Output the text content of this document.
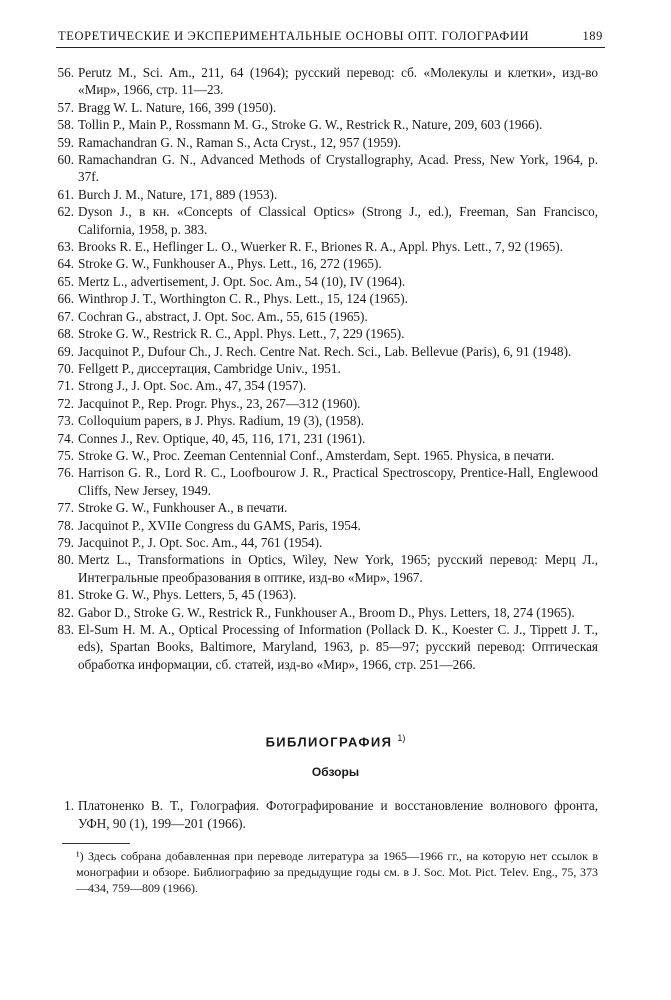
ТЕОРЕТИЧЕСКИЕ И ЭКСПЕРИМЕНТАЛЬНЫЕ ОСНОВЫ ОПТ. ГОЛОГРАФИИ	189
56. Perutz M., Sci. Am., 211, 64 (1964); русский перевод: сб. «Молекулы и клетки», изд-во «Мир», 1966, стр. 11—23.
57. Bragg W. L. Nature, 166, 399 (1950).
58. Tollin P., Main P., Rossmann M. G., Stroke G. W., Restrick R., Nature, 209, 603 (1966).
59. Ramachandran G. N., Raman S., Acta Cryst., 12, 957 (1959).
60. Ramachandran G. N., Advanced Methods of Crystallography, Acad. Press, New York, 1964, p. 37f.
61. Burch J. M., Nature, 171, 889 (1953).
62. Dyson J., в кн. «Concepts of Classical Optics» (Strong J., ed.), Freeman, San Francisco, California, 1958, p. 383.
63. Brooks R. E., Heflinger L. O., Wuerker R. F., Briones R. A., Appl. Phys. Lett., 7, 92 (1965).
64. Stroke G. W., Funkhouser A., Phys. Lett., 16, 272 (1965).
65. Mertz L., advertisement, J. Opt. Soc. Am., 54 (10), IV (1964).
66. Winthrop J. T., Worthington C. R., Phys. Lett., 15, 124 (1965).
67. Cochran G., abstract, J. Opt. Soc. Am., 55, 615 (1965).
68. Stroke G. W., Restrick R. C., Appl. Phys. Lett., 7, 229 (1965).
69. Jacquinot P., Dufour Ch., J. Rech. Centre Nat. Rech. Sci., Lab. Bellevue (Paris), 6, 91 (1948).
70. Fellgett P., диссертация, Cambridge Univ., 1951.
71. Strong J., J. Opt. Soc. Am., 47, 354 (1957).
72. Jacquinot P., Rep. Progr. Phys., 23, 267—312 (1960).
73. Colloquium papers, в J. Phys. Radium, 19 (3), (1958).
74. Connes J., Rev. Optique, 40, 45, 116, 171, 231 (1961).
75. Stroke G. W., Proc. Zeeman Centennial Conf., Amsterdam, Sept. 1965. Physica, в печати.
76. Harrison G. R., Lord R. C., Loofbourow J. R., Practical Spectroscopy, Prentice-Hall, Englewood Cliffs, New Jersey, 1949.
77. Stroke G. W., Funkhouser A., в печати.
78. Jacquinot P., XVIIe Congress du GAMS, Paris, 1954.
79. Jacquinot P., J. Opt. Soc. Am., 44, 761 (1954).
80. Mertz L., Transformations in Optics, Wiley, New York, 1965; русский перевод: Мерц Л., Интегральные преобразования в оптике, изд-во «Мир», 1967.
81. Stroke G. W., Phys. Letters, 5, 45 (1963).
82. Gabor D., Stroke G. W., Restrick R., Funkhouser A., Broom D., Phys. Letters, 18, 274 (1965).
83. El-Sum H. M. A., Optical Processing of Information (Pollack D. K., Koester C. J., Tippett J. T., eds), Spartan Books, Baltimore, Maryland, 1963, p. 85—97; русский перевод: Оптическая обработка информации, сб. статей, изд-во «Мир», 1966, стр. 251—266.
БИБЛИОГРАФИЯ $^{1)}$
Обзоры
1. Платоненко В. Т., Голография. Фотографирование и восстановление волнового фронта, УФН, 90 (1), 199—201 (1966).
¹) Здесь собрана добавленная при переводе литература за 1965—1966 гг., на которую нет ссылок в монографии и обзоре. Библиографию за предыдущие годы см. в J. Soc. Mot. Pict. Telev. Eng., 75, 373—434, 759—809 (1966).
